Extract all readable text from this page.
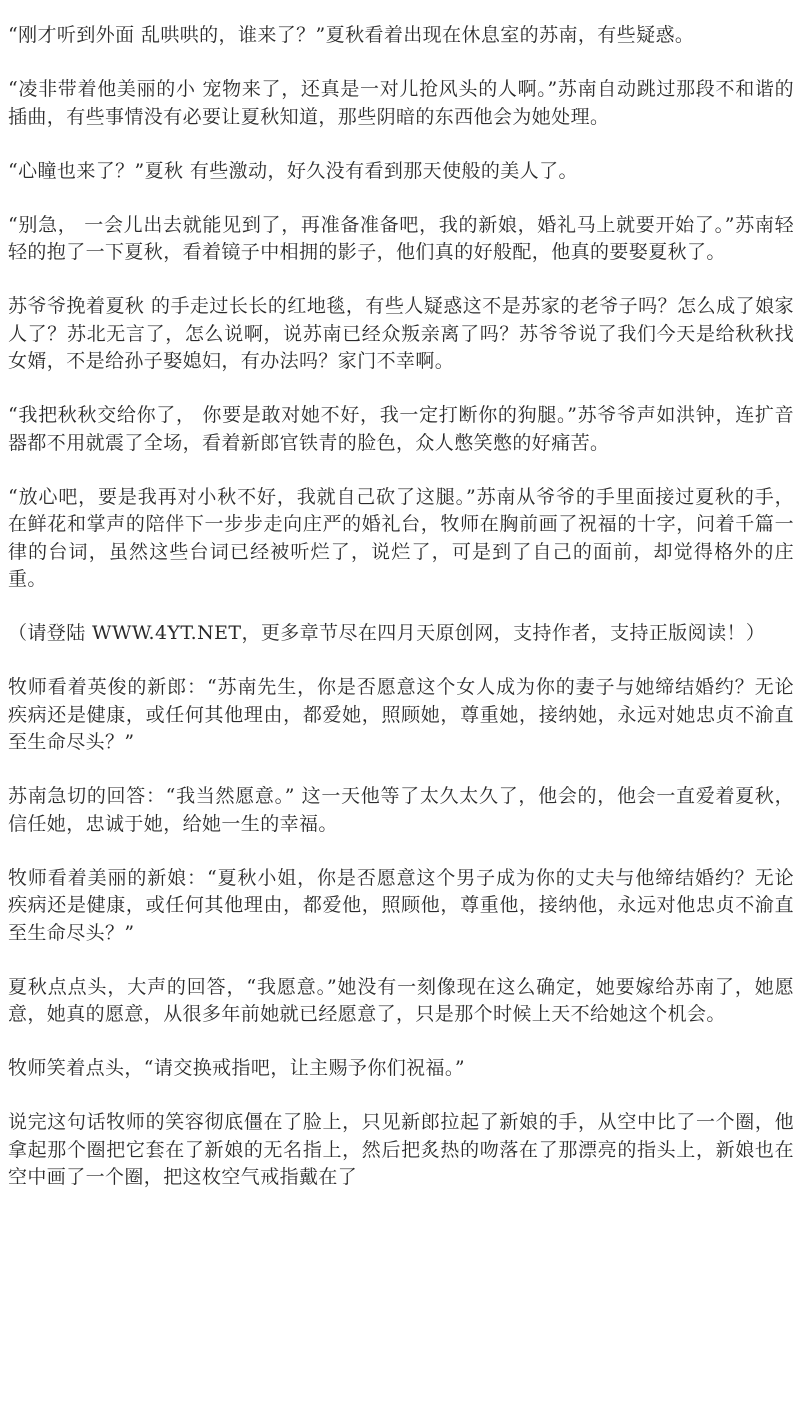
“刚才听到外面 乱哄哄的，谁来了？”夏秋看着出现在休息室的苏南，有些疑惑。

“凌非带着他美丽的小 宠物来了，还真是一对儿抢风头的人啊。”苏南自动跳过那段不和谐的插曲，有些事情没有必要让夏秋知道，那些阴暗的东西他会为她处理。

“心瞳也来了？”夏秋 有些激动，好久没有看到那天使般的美人了。

“别急， 一会儿出去就能见到了，再准备准备吧，我的新娘，婚礼马上就要开始了。”苏南轻轻的抱了一下夏秋，看着镜子中相拥的影子，他们真的好般配，他真的要娶夏秋了。

苏爷爷挽着夏秋 的手走过长长的红地毯，有些人疑惑这不是苏家的老爷子吗？怎么成了娘家人了？苏北无言了，怎么说啊，说苏南已经众叛亲离了吗？苏爷爷说了我们今天是给秋秋找女婿，不是给孙子娶媳妇，有办法吗？家门不幸啊。

“我把秋秋交给你了， 你要是敢对她不好，我一定打断你的狗腿。”苏爷爷声如洪钟，连扩音器都不用就震了全场，看着新郎官铁青的脸色，众人憋笑憋的好痛苦。

“放心吧，要是我再对小秋不好，我就自己砍了这腿。”苏南从爷爷的手里面接过夏秋的手，在鲜花和掌声的陪伴下一步步走向庄严的婚礼台，牧师在胸前画了祝福的十字，问着千篇一律的台词，虽然这些台词已经被听烂了，说烂了，可是到了自己的面前，却觉得格外的庄重。

（请登陆 WWW.4YT.NET，更多章节尽在四月天原创网，支持作者，支持正版阅读！）

牧师看着英俊的新郎：“苏南先生，你是否愿意这个女人成为你的妻子与她缔结婚约？无论疾病还是健康，或任何其他理由，都爱她，照顾她，尊重她，接纳她，永远对她忠贞不渝直至生命尽头？”

苏南急切的回答：“我当然愿意。” 这一天他等了太久太久了，他会的，他会一直爱着夏秋，信任她，忠诚于她，给她一生的幸福。

牧师看着美丽的新娘：“夏秋小姐，你是否愿意这个男子成为你的丈夫与他缔结婚约？无论疾病还是健康，或任何其他理由，都爱他，照顾他，尊重他，接纳他，永远对他忠贞不渝直至生命尽头？”

夏秋点点头，大声的回答，“我愿意。”她没有一刻像现在这么确定，她要嫁给苏南了，她愿意，她真的愿意，从很多年前她就已经愿意了，只是那个时候上天不给她这个机会。

牧师笑着点头，“请交换戒指吧，让主赐予你们祝福。”

说完这句话牧师的笑容彻底僵在了脸上，只见新郎拉起了新娘的手，从空中比了一个圈，他拿起那个圈把它套在了新娘的无名指上，然后把炙热的吻落在了那漂亮的指头上，新娘也在空中画了一个圈，把这枚空气戒指戴在了
